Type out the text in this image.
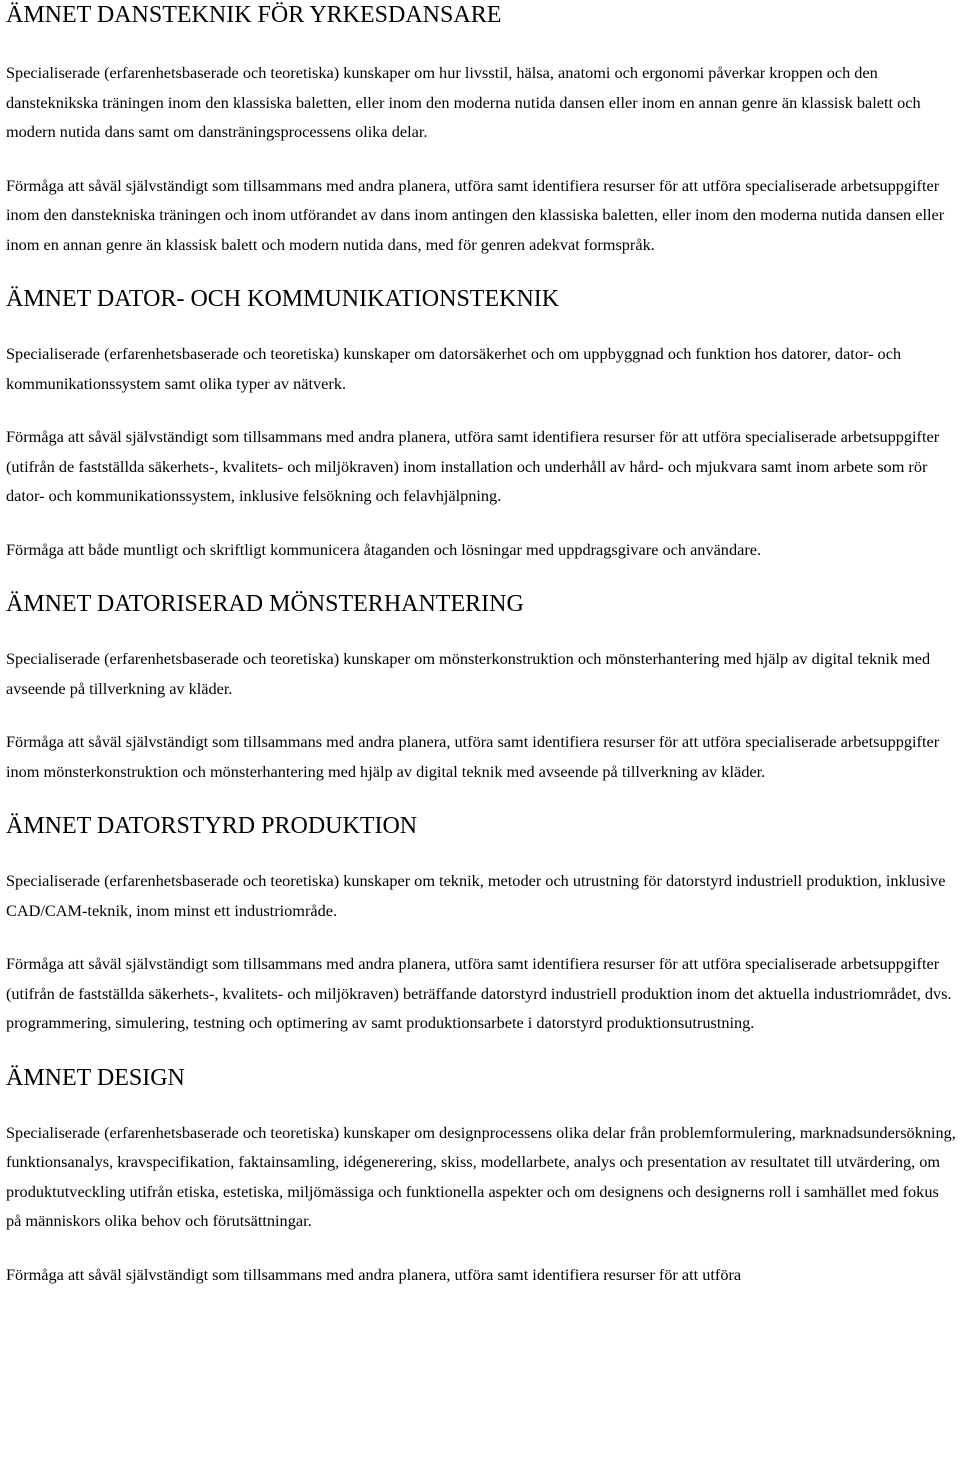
ÄMNET DANSTEKNIK FÖR YRKESDANSARE

Specialiserade (erfarenhetsbaserade och teoretiska) kunskaper om hur livsstil, hälsa, anatomi och ergonomi påverkar kroppen och den dansteknikska träningen inom den klassiska baletten, eller inom den moderna nutida dansen eller inom en annan genre än klassisk balett och modern nutida dans samt om dansträningsprocessens olika delar.

Förmåga att såväl självständigt som tillsammans med andra planera, utföra samt identifiera resurser för att utföra specialiserade arbetsuppgifter inom den danstekniska träningen och inom utförandet av dans inom antingen den klassiska baletten, eller inom den moderna nutida dansen eller inom en annan genre än klassisk balett och modern nutida dans, med för genren adekvat formspråk.

ÄMNET DATOR- OCH KOMMUNIKATIONSTEKNIK

Specialiserade (erfarenhetsbaserade och teoretiska) kunskaper om datorsäkerhet och om uppbyggnad och funktion hos datorer, dator- och kommunikationssystem samt olika typer av nätverk.

Förmåga att såväl självständigt som tillsammans med andra planera, utföra samt identifiera resurser för att utföra specialiserade arbetsuppgifter (utifrån de fastställda säkerhets-, kvalitets- och miljökraven) inom installation och underhåll av hård- och mjukvara samt inom arbete som rör dator- och kommunikationssystem, inklusive felsökning och felavhjälpning.

Förmåga att både muntligt och skriftligt kommunicera åtaganden och lösningar med uppdragsgivare och användare.

ÄMNET DATORISERAD MÖNSTERHANTERING

Specialiserade (erfarenhetsbaserade och teoretiska) kunskaper om mönsterkonstruktion och mönsterhantering med hjälp av digital teknik med avseende på tillverkning av kläder.

Förmåga att såväl självständigt som tillsammans med andra planera, utföra samt identifiera resurser för att utföra specialiserade arbetsuppgifter inom mönsterkonstruktion och mönsterhantering med hjälp av digital teknik med avseende på tillverkning av kläder.

ÄMNET DATORSTYRD PRODUKTION

Specialiserade (erfarenhetsbaserade och teoretiska) kunskaper om teknik, metoder och utrustning för datorstyrd industriell produktion, inklusive CAD/CAM-teknik, inom minst ett industriområde.

Förmåga att såväl självständigt som tillsammans med andra planera, utföra samt identifiera resurser för att utföra specialiserade arbetsuppgifter (utifrån de fastställda säkerhets-, kvalitets- och miljökraven) beträffande datorstyrd industriell produktion inom det aktuella industriområdet, dvs. programmering, simulering, testning och optimering av samt produktionsarbete i datorstyrd produktionsutrustning.

ÄMNET DESIGN

Specialiserade (erfarenhetsbaserade och teoretiska) kunskaper om designprocessens olika delar från problemformulering, marknadsundersökning, funktionsanalys, kravspecifikation, faktainsamling, idégenerering, skiss, modellarbete, analys och presentation av resultatet till utvärdering, om produktutveckling utifrån etiska, estetiska, miljömässiga och funktionella aspekter och om designens och designerns roll i samhället med fokus på människors olika behov och förutsättningar.

Förmåga att såväl självständigt som tillsammans med andra planera, utföra samt identifiera resurser för att utföra
